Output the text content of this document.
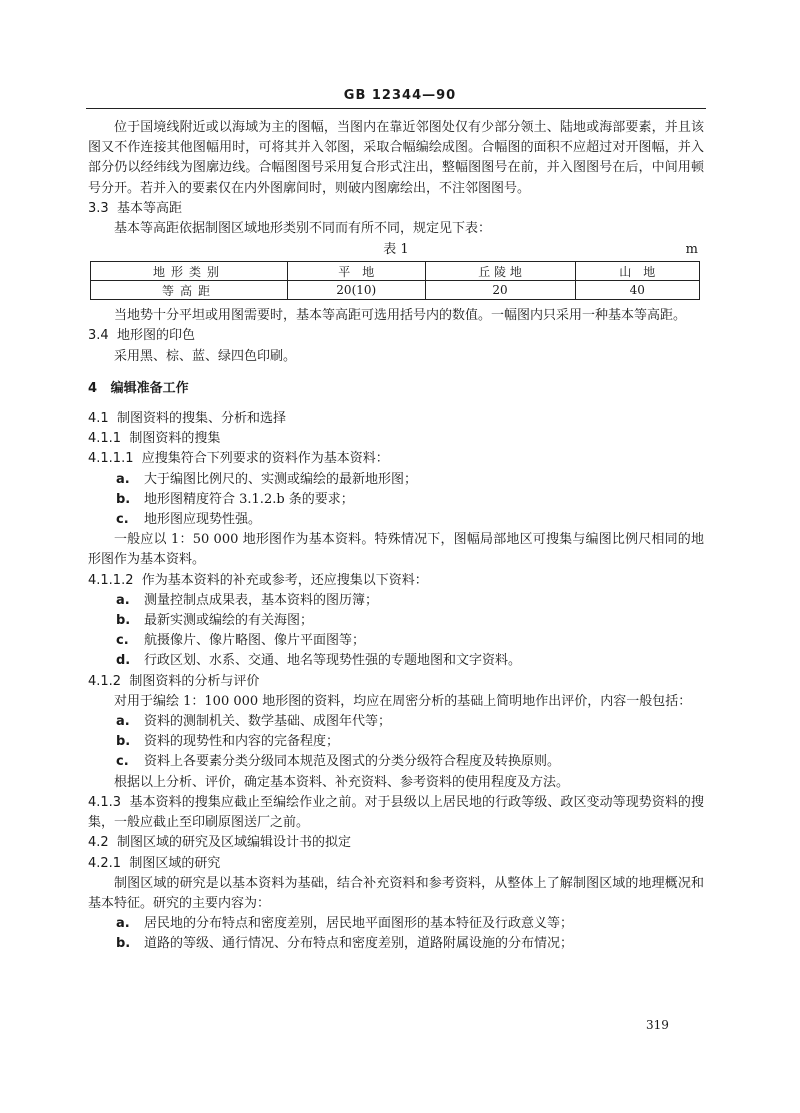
GB 12344—90

位于国境线附近或以海域为主的图幅，当图内在靠近邻图处仅有少部分领土、陆地或海部要素，并且该图又不作连接其他图幅用时，可将其并入邻图，采取合幅编绘成图。合幅图的面积不应超过对开图幅，并入部分仍以经纬线为图廓边线。合幅图图号采用复合形式注出，整幅图图号在前，并入图图号在后，中间用顿号分开。若并入的要素仅在内外图廓间时，则破内图廓绘出，不注邻图图号。

3.3 基本等高距

基本等高距依据制图区域地形类别不同而有所不同，规定见下表：

表 1	m
地形类别	平　地	丘 陵 地	山　地
等高距	20(10)	20	40

当地势十分平坦或用图需要时，基本等高距可选用括号内的数值。一幅图内只采用一种基本等高距。

3.4 地形图的印色

采用黑、棕、蓝、绿四色印刷。

4 编辑准备工作

4.1 制图资料的搜集、分析和选择

4.1.1 制图资料的搜集

4.1.1.1 应搜集符合下列要求的资料作为基本资料：

a. 大于编图比例尺的、实测或编绘的最新地形图；

b. 地形图精度符合 3.1.2.b 条的要求；

c. 地形图应现势性强。

一般应以 1：50 000 地形图作为基本资料。特殊情况下，图幅局部地区可搜集与编图比例尺相同的地形图作为基本资料。

4.1.1.2 作为基本资料的补充或参考，还应搜集以下资料：

a. 测量控制点成果表，基本资料的图历簿；

b. 最新实测或编绘的有关海图；

c. 航摄像片、像片略图、像片平面图等；

d. 行政区划、水系、交通、地名等现势性强的专题地图和文字资料。

4.1.2 制图资料的分析与评价

对用于编绘 1：100 000 地形图的资料，均应在周密分析的基础上简明地作出评价，内容一般包括：

a. 资料的测制机关、数学基础、成图年代等；

b. 资料的现势性和内容的完备程度；

c. 资料上各要素分类分级同本规范及图式的分类分级符合程度及转换原则。

根据以上分析、评价，确定基本资料、补充资料、参考资料的使用程度及方法。

4.1.3 基本资料的搜集应截止至编绘作业之前。对于县级以上居民地的行政等级、政区变动等现势资料的搜集，一般应截止至印刷原图送厂之前。

4.2 制图区域的研究及区域编辑设计书的拟定

4.2.1 制图区域的研究

制图区域的研究是以基本资料为基础，结合补充资料和参考资料，从整体上了解制图区域的地理概况和基本特征。研究的主要内容为：

a. 居民地的分布特点和密度差别，居民地平面图形的基本特征及行政意义等；

b. 道路的等级、通行情况、分布特点和密度差别，道路附属设施的分布情况；

319
